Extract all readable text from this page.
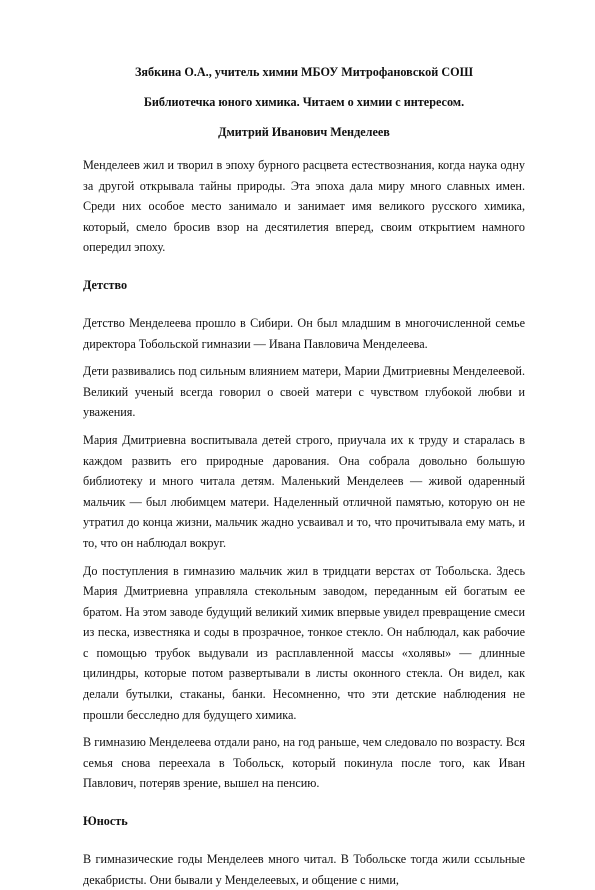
Зябкина О.А., учитель химии МБОУ Митрофановской СОШ

Библиотечка юного химика. Читаем о химии с интересом.

Дмитрий Иванович Менделеев

Менделеев жил и творил в эпоху бурного расцвета естествознания, когда наука одну за другой открывала тайны природы. Эта эпоха дала миру много славных имен. Среди них особое место занимало и занимает имя великого русского химика, который, смело бросив взор на десятилетия вперед, своим открытием намного опередил эпоху.

Детство

Детство Менделеева прошло в Сибири. Он был младшим в многочисленной семье директора Тобольской гимназии — Ивана Павловича Менделеева.

Дети развивались под сильным влиянием матери, Марии Дмитриевны Менделеевой. Великий ученый всегда говорил о своей матери с чувством глубокой любви и уважения.

Мария Дмитриевна воспитывала детей строго, приучала их к труду и старалась в каждом развить его природные дарования. Она собрала довольно большую библиотеку и много читала детям. Маленький Менделеев — живой одаренный мальчик — был любимцем матери. Наделенный отличной памятью, которую он не утратил до конца жизни, мальчик жадно усваивал и то, что прочитывала ему мать, и то, что он наблюдал вокруг.

До поступления в гимназию мальчик жил в тридцати верстах от Тобольска. Здесь Мария Дмитриевна управляла стекольным заводом, переданным ей богатым ее братом. На этом заводе будущий великий химик впервые увидел превращение смеси из песка, известняка и соды в прозрачное, тонкое стекло. Он наблюдал, как рабочие с помощью трубок выдували из расплавленной массы «холявы» — длинные цилиндры, которые потом развертывали в листы оконного стекла. Он видел, как делали бутылки, стаканы, банки. Несомненно, что эти детские наблюдения не прошли бесследно для будущего химика.

В гимназию Менделеева отдали рано, на год раньше, чем следовало по возрасту. Вся семья снова переехала в Тобольск, который покинула после того, как Иван Павлович, потеряв зрение, вышел на пенсию.

Юность

В гимназические годы Менделеев много читал. В Тобольске тогда жили ссыльные декабристы. Они бывали у Менделеевых, и общение с ними,
